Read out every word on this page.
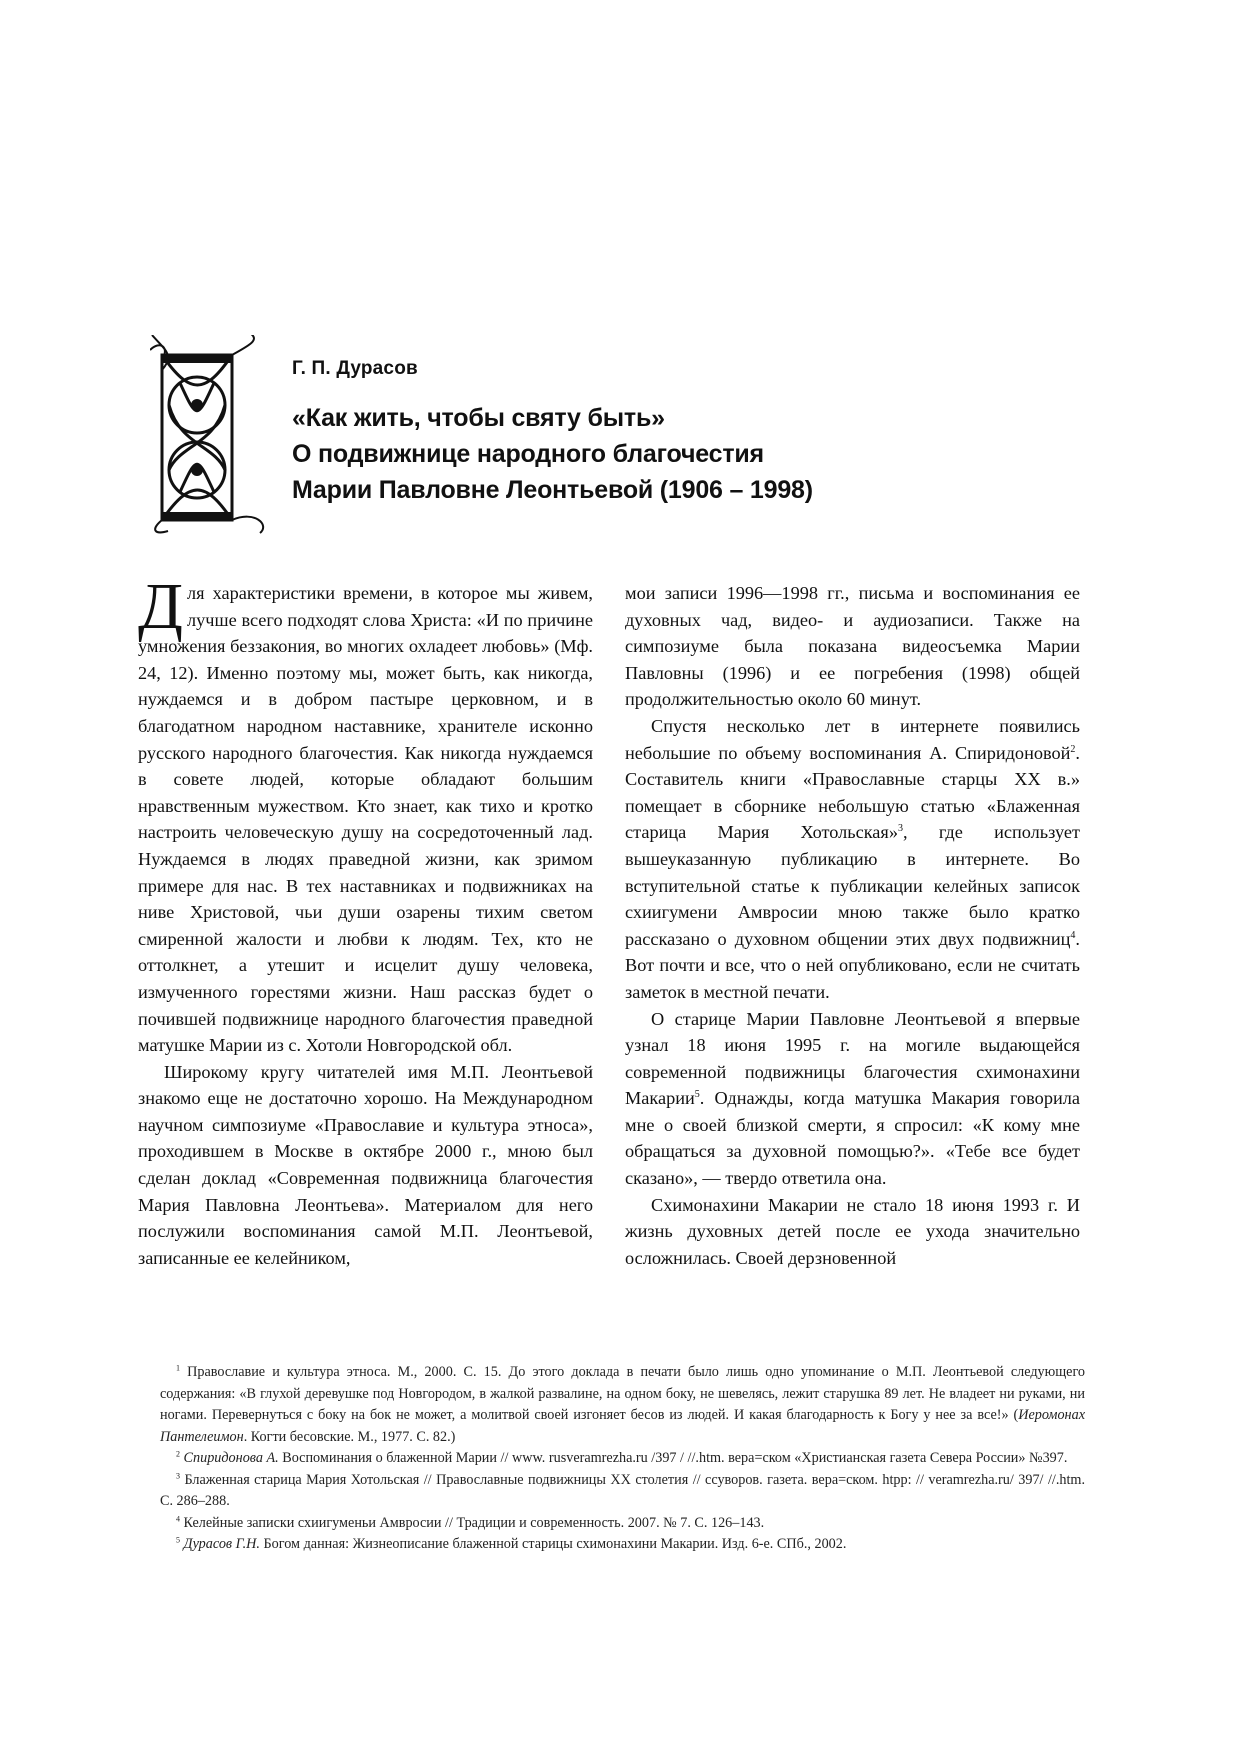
Г. П. Дурасов
«Как жить, чтобы святу быть»
О подвижнице народного благочестия
Марии Павловне Леонтьевой (1906 – 1998)

Для характеристики времени, в которое мы живем, лучше всего подходят слова Христа: «И по причине умножения беззакония, во многих охладеет любовь» (Мф. 24, 12). Именно поэтому мы, может быть, как никогда, нуждаемся и в добром пастыре церковном, и в благодатном народном наставнике, хранителе исконно русского народного благочестия. Как никогда нуждаемся в совете людей, которые обладают большим нравственным мужеством. Кто знает, как тихо и кротко настроить человеческую душу на сосредоточенный лад. Нуждаемся в людях праведной жизни, как зримом примере для нас. В тех наставниках и подвижниках на ниве Христовой, чьи души озарены тихим светом смиренной жалости и любви к людям. Тех, кто не оттолкнет, а утешит и исцелит душу человека, измученного горестями жизни. Наш рассказ будет о почившей подвижнице народного благочестия праведной матушке Марии из с. Хотоли Новгородской обл.

Широкому кругу читателей имя М.П. Леонтьевой знакомо еще не достаточно хорошо. На Международном научном симпозиуме «Православие и культура этноса», проходившем в Москве в октябре 2000 г., мною был сделан доклад «Современная подвижница благочестия Мария Павловна Леонтьева». Материалом для него послужили воспоминания самой М.П. Леонтьевой, записанные ее келейником,

мои записи 1996—1998 гг., письма и воспоминания ее духовных чад, видео- и аудиозаписи. Также на симпозиуме была показана видеосъемка Марии Павловны (1996) и ее погребения (1998) общей продолжительностью около 60 минут.

Спустя несколько лет в интернете появились небольшие по объему воспоминания А. Спиридоновой$^2$. Составитель книги «Православные старцы ХХ в.» помещает в сборнике небольшую статью «Блаженная старица Мария Хотольская»$^3$, где использует вышеуказанную публикацию в интернете. Во вступительной статье к публикации келейных записок схиигумени Амвросии мною также было кратко рассказано о духовном общении этих двух подвижниц$^4$. Вот почти и все, что о ней опубликовано, если не считать заметок в местной печати.

О старице Марии Павловне Леонтьевой я впервые узнал 18 июня 1995 г. на могиле выдающейся современной подвижницы благочестия схимонахини Макарии$^5$. Однажды, когда матушка Макария говорила мне о своей близкой смерти, я спросил: «К кому мне обращаться за духовной помощью?». «Тебе все будет сказано», — твердо ответила она.

Схимонахини Макарии не стало 18 июня 1993 г. И жизнь духовных детей после ее ухода значительно осложнилась. Своей дерзновенной

$^1$ Православие и культура этноса. М., 2000. С. 15. До этого доклада в печати было лишь одно упоминание о М.П. Леонтьевой следующего содержания: «В глухой деревушке под Новгородом, в жалкой развалине, на одном боку, не шевелясь, лежит старушка 89 лет. Не владеет ни руками, ни ногами. Перевернуться с боку на бок не может, а молитвой своей изгоняет бесов из людей. И какая благодарность к Богу у нее за все!» (Иеромонах Пантелеимон. Когти бесовские. М., 1977. С. 82.)

$^2$ Спиридонова А. Воспоминания о блаженной Марии // www. rusveramrezha.ru /397 / //.htm. вера=ском «Христианская газета Севера России» №397.

$^3$ Блаженная старица Мария Хотольская // Православные подвижницы ХХ столетия // ссуворов. газета. вера=ском. htpp: // veramrezha.ru/ 397/ //.htm. С. 286–288.

$^4$ Келейные записки схиигуменьи Амвросии // Традиции и современность. 2007. № 7. С. 126–143.

$^5$ Дурасов Г.Н. Богом данная: Жизнеописание блаженной старицы схимонахини Макарии. Изд. 6-е. СПб., 2002.
